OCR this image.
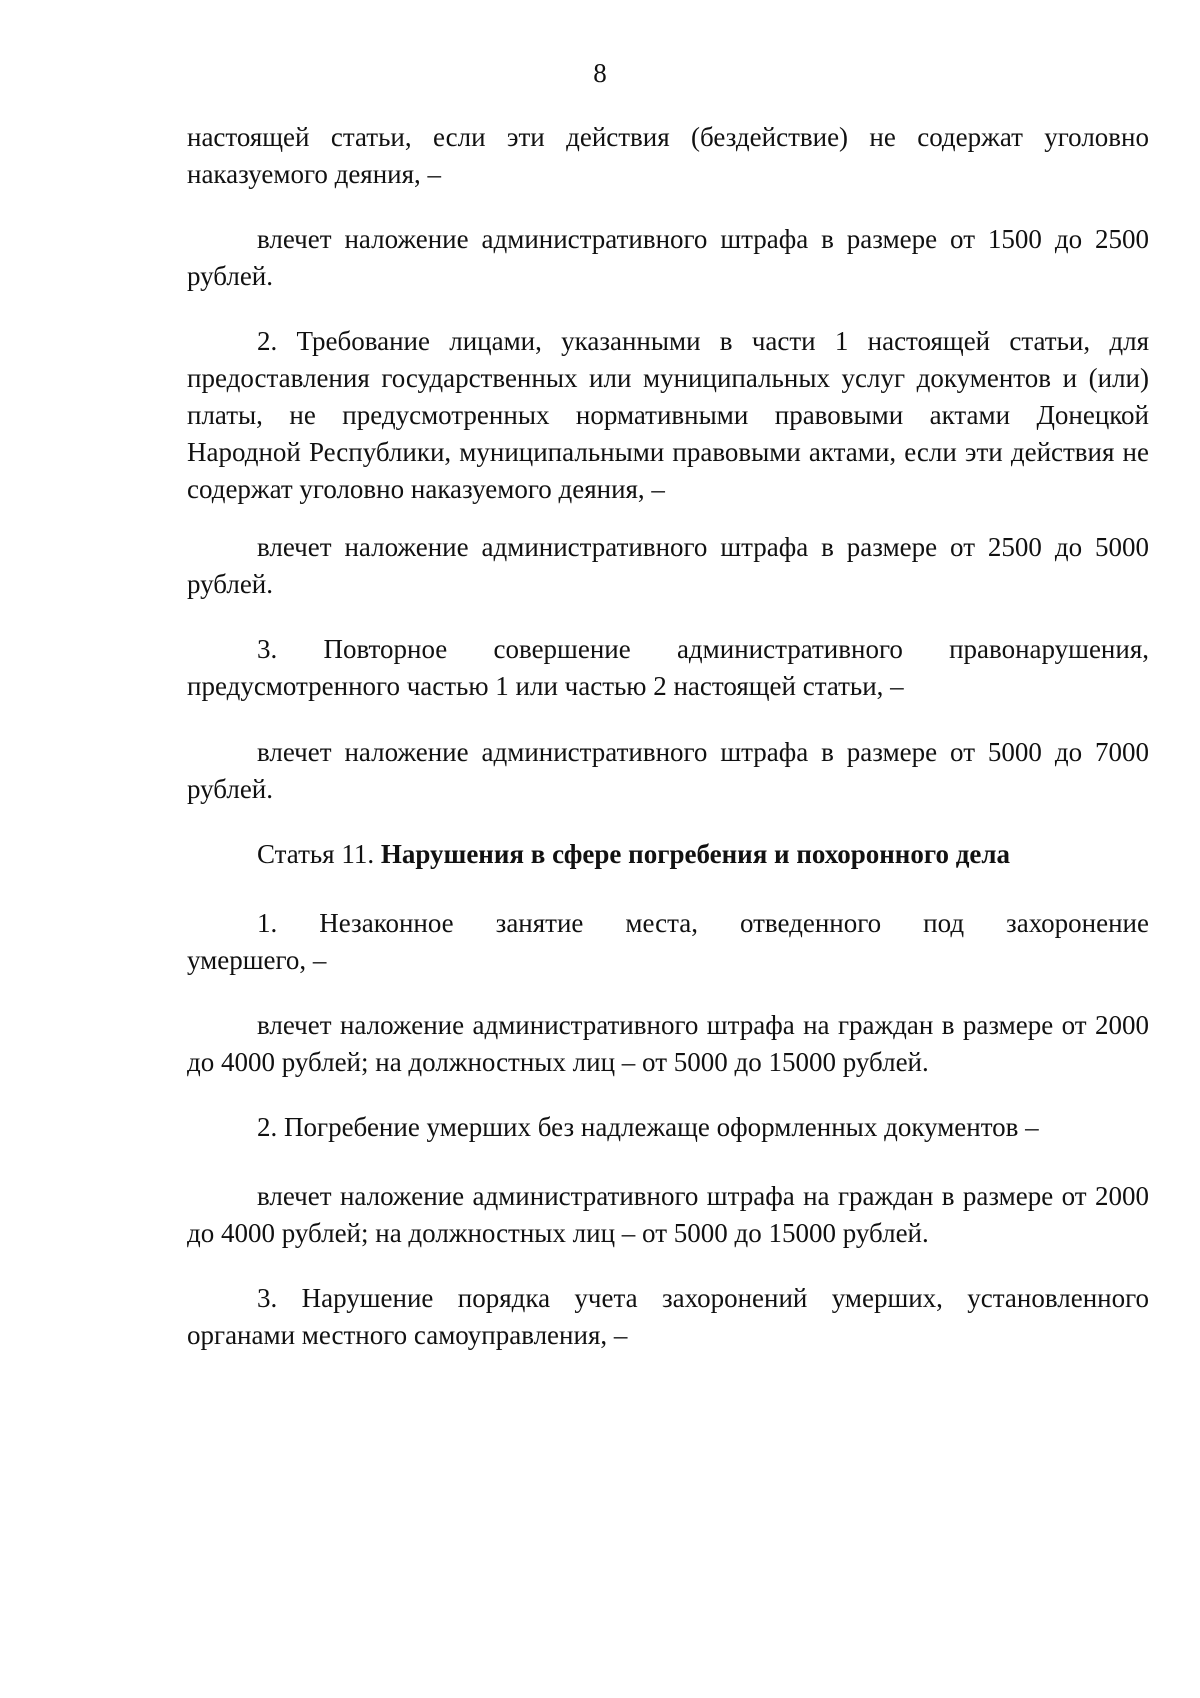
8

настоящей статьи, если эти действия (бездействие) не содержат уголовно наказуемого деяния, –

влечет наложение административного штрафа в размере от 1500 до 2500 рублей.

2. Требование лицами, указанными в части 1 настоящей статьи, для предоставления государственных или муниципальных услуг документов и (или) платы, не предусмотренных нормативными правовыми актами Донецкой Народной Республики, муниципальными правовыми актами, если эти действия не содержат уголовно наказуемого деяния, –

влечет наложение административного штрафа в размере от 2500 до 5000 рублей.

3. Повторное совершение административного правонарушения,
предусмотренного частью 1 или частью 2 настоящей статьи, –

влечет наложение административного штрафа в размере от 5000 до 7000 рублей.

Статья 11. Нарушения в сфере погребения и похоронного дела
1. Незаконное занятие места, отведенного под захоронение
умершего, –

влечет наложение административного штрафа на граждан в размере от 2000 до 4000 рублей; на должностных лиц – от 5000 до 15000 рублей.

2. Погребение умерших без надлежаще оформленных документов –

влечет наложение административного штрафа на граждан в размере от 2000 до 4000 рублей; на должностных лиц – от 5000 до 15000 рублей.

3. Нарушение порядка учета захоронений умерших, установленного органами местного самоуправления, –
